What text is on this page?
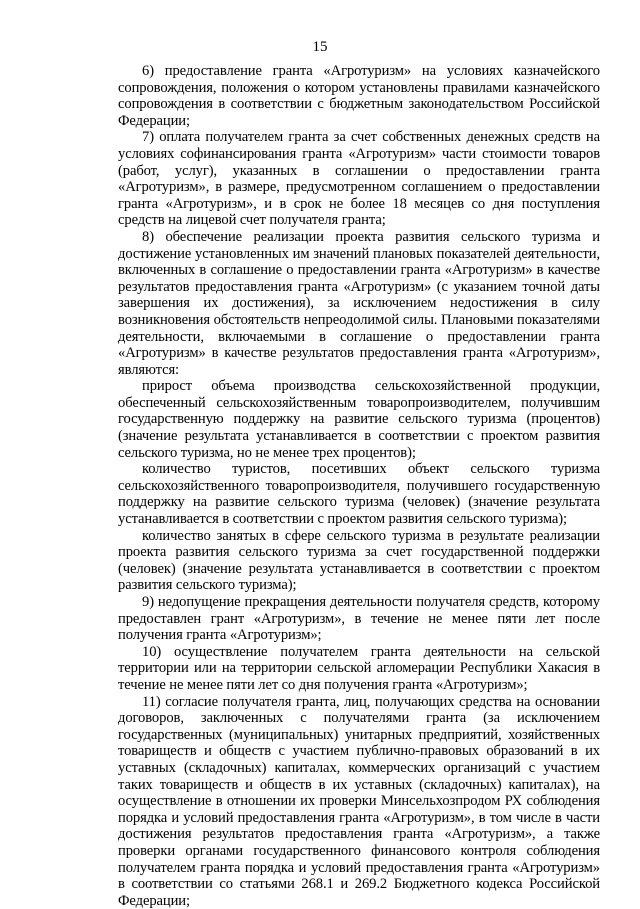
15

6) предоставление гранта «Агротуризм» на условиях казначейского сопровождения, положения о котором установлены правилами казначейского сопровождения в соответствии с бюджетным законодательством Российской Федерации;

7) оплата получателем гранта за счет собственных денежных средств на условиях софинансирования гранта «Агротуризм» части стоимости товаров (работ, услуг), указанных в соглашении о предоставлении гранта «Агротуризм», в размере, предусмотренном соглашением о предоставлении гранта «Агротуризм», и в срок не более 18 месяцев со дня поступления средств на лицевой счет получателя гранта;

8) обеспечение реализации проекта развития сельского туризма и достижение установленных им значений плановых показателей деятельности, включенных в соглашение о предоставлении гранта «Агротуризм» в качестве результатов предоставления гранта «Агротуризм» (с указанием точной даты завершения их достижения), за исключением недостижения в силу возникновения обстоятельств непреодолимой силы. Плановыми показателями деятельности, включаемыми в соглашение о предоставлении гранта «Агротуризм» в качестве результатов предоставления гранта «Агротуризм», являются:

прирост объема производства сельскохозяйственной продукции, обеспеченный сельскохозяйственным товаропроизводителем, получившим государственную поддержку на развитие сельского туризма (процентов) (значение результата устанавливается в соответствии с проектом развития сельского туризма, но не менее трех процентов);

количество туристов, посетивших объект сельского туризма сельскохозяйственного товаропроизводителя, получившего государственную поддержку на развитие сельского туризма (человек) (значение результата устанавливается в соответствии с проектом развития сельского туризма);

количество занятых в сфере сельского туризма в результате реализации проекта развития сельского туризма за счет государственной поддержки (человек) (значение результата устанавливается в соответствии с проектом развития сельского туризма);

9) недопущение прекращения деятельности получателя средств, которому предоставлен грант «Агротуризм», в течение не менее пяти лет после получения гранта «Агротуризм»;

10) осуществление получателем гранта деятельности на сельской территории или на территории сельской агломерации Республики Хакасия в течение не менее пяти лет со дня получения гранта «Агротуризм»;

11) согласие получателя гранта, лиц, получающих средства на основании договоров, заключенных с получателями гранта (за исключением государственных (муниципальных) унитарных предприятий, хозяйственных товариществ и обществ с участием публично-правовых образований в их уставных (складочных) капиталах, коммерческих организаций с участием таких товариществ и обществ в их уставных (складочных) капиталах), на осуществление в отношении их проверки Минсельхозпродом РХ соблюдения порядка и условий предоставления гранта «Агротуризм», в том числе в части достижения результатов предоставления гранта «Агротуризм», а также проверки органами государственного финансового контроля соблюдения получателем гранта порядка и условий предоставления гранта «Агротуризм» в соответствии со статьями 268.1 и 269.2 Бюджетного кодекса Российской Федерации;
